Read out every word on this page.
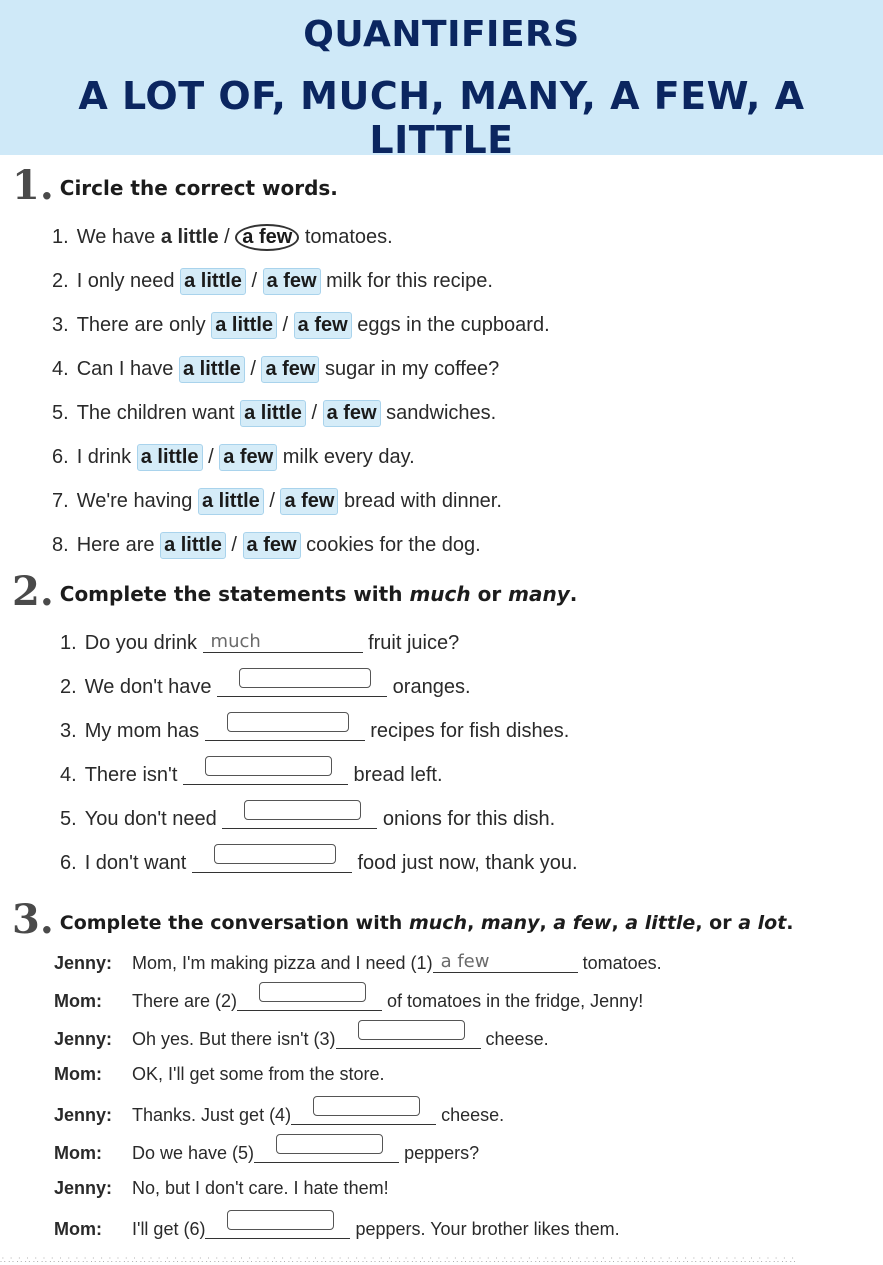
QUANTIFIERS
A LOT OF, MUCH, MANY, A FEW, A LITTLE
1. Circle the correct words.
1. We have a little / a few tomatoes.
2. I only need a little / a few milk for this recipe.
3. There are only a little / a few eggs in the cupboard.
4. Can I have a little / a few sugar in my coffee?
5. The children want a little / a few sandwiches.
6. I drink a little / a few milk every day.
7. We're having a little / a few bread with dinner.
8. Here are a little / a few cookies for the dog.
2. Complete the statements with much or many.
1. Do you drink much	fruit juice?
2. We don't have	oranges.
3. My mom has	recipes for fish dishes.
4. There isn't	bread left.
5. You don't need	onions for this dish.
6. I don't want	food just now, thank you.
3. Complete the conversation with much, many, a few, a little, or a lot.
Jenny: Mom, I'm making pizza and I need (1) a few	tomatoes.
Mom: There are (2)	of tomatoes in the fridge, Jenny!
Jenny: Oh yes. But there isn't (3)	cheese.
Mom: OK, I'll get some from the store.
Jenny: Thanks. Just get (4)	cheese.
Mom: Do we have (5)	peppers?
Jenny: No, but I don't care. I hate them!
Mom: I'll get (6)	peppers. Your brother likes them.
∴ ∴ ∴ ∴ ∴ ∴ ∴ ∴ ∴ ∴ ∴ ∴ ∴ ∴ ∴ ∴ ∴ ∴ ∴ ∴ ∴ ∴ ∴ ∴ ∴ ∴ ∴ ∴ ∴ ∴ ∴ ∴ ∴ ∴ ∴ ∴ ∴ ∴ ∴ ∴ ∴ ∴ ∴ ∴ ∴ ∴ ∴ ∴ ∴ ∴ ∴ ∴ ∴ ∴ ∴ ∴ ∴ ∴ ∴ ∴ ∴ ∴ ∴ ∴ ∴ ∴ ∴ ∴ ∴ ∴ ∴ ∴ ∴ ∴ ∴ ∴ ∴ ∴ ∴ ∴ ∴ ∴ ∴ ∴ ∴ ∴ ∴ ∴ ∴ ∴ ∴ ∴ ∴ ∴ ∴ ∴ ∴
